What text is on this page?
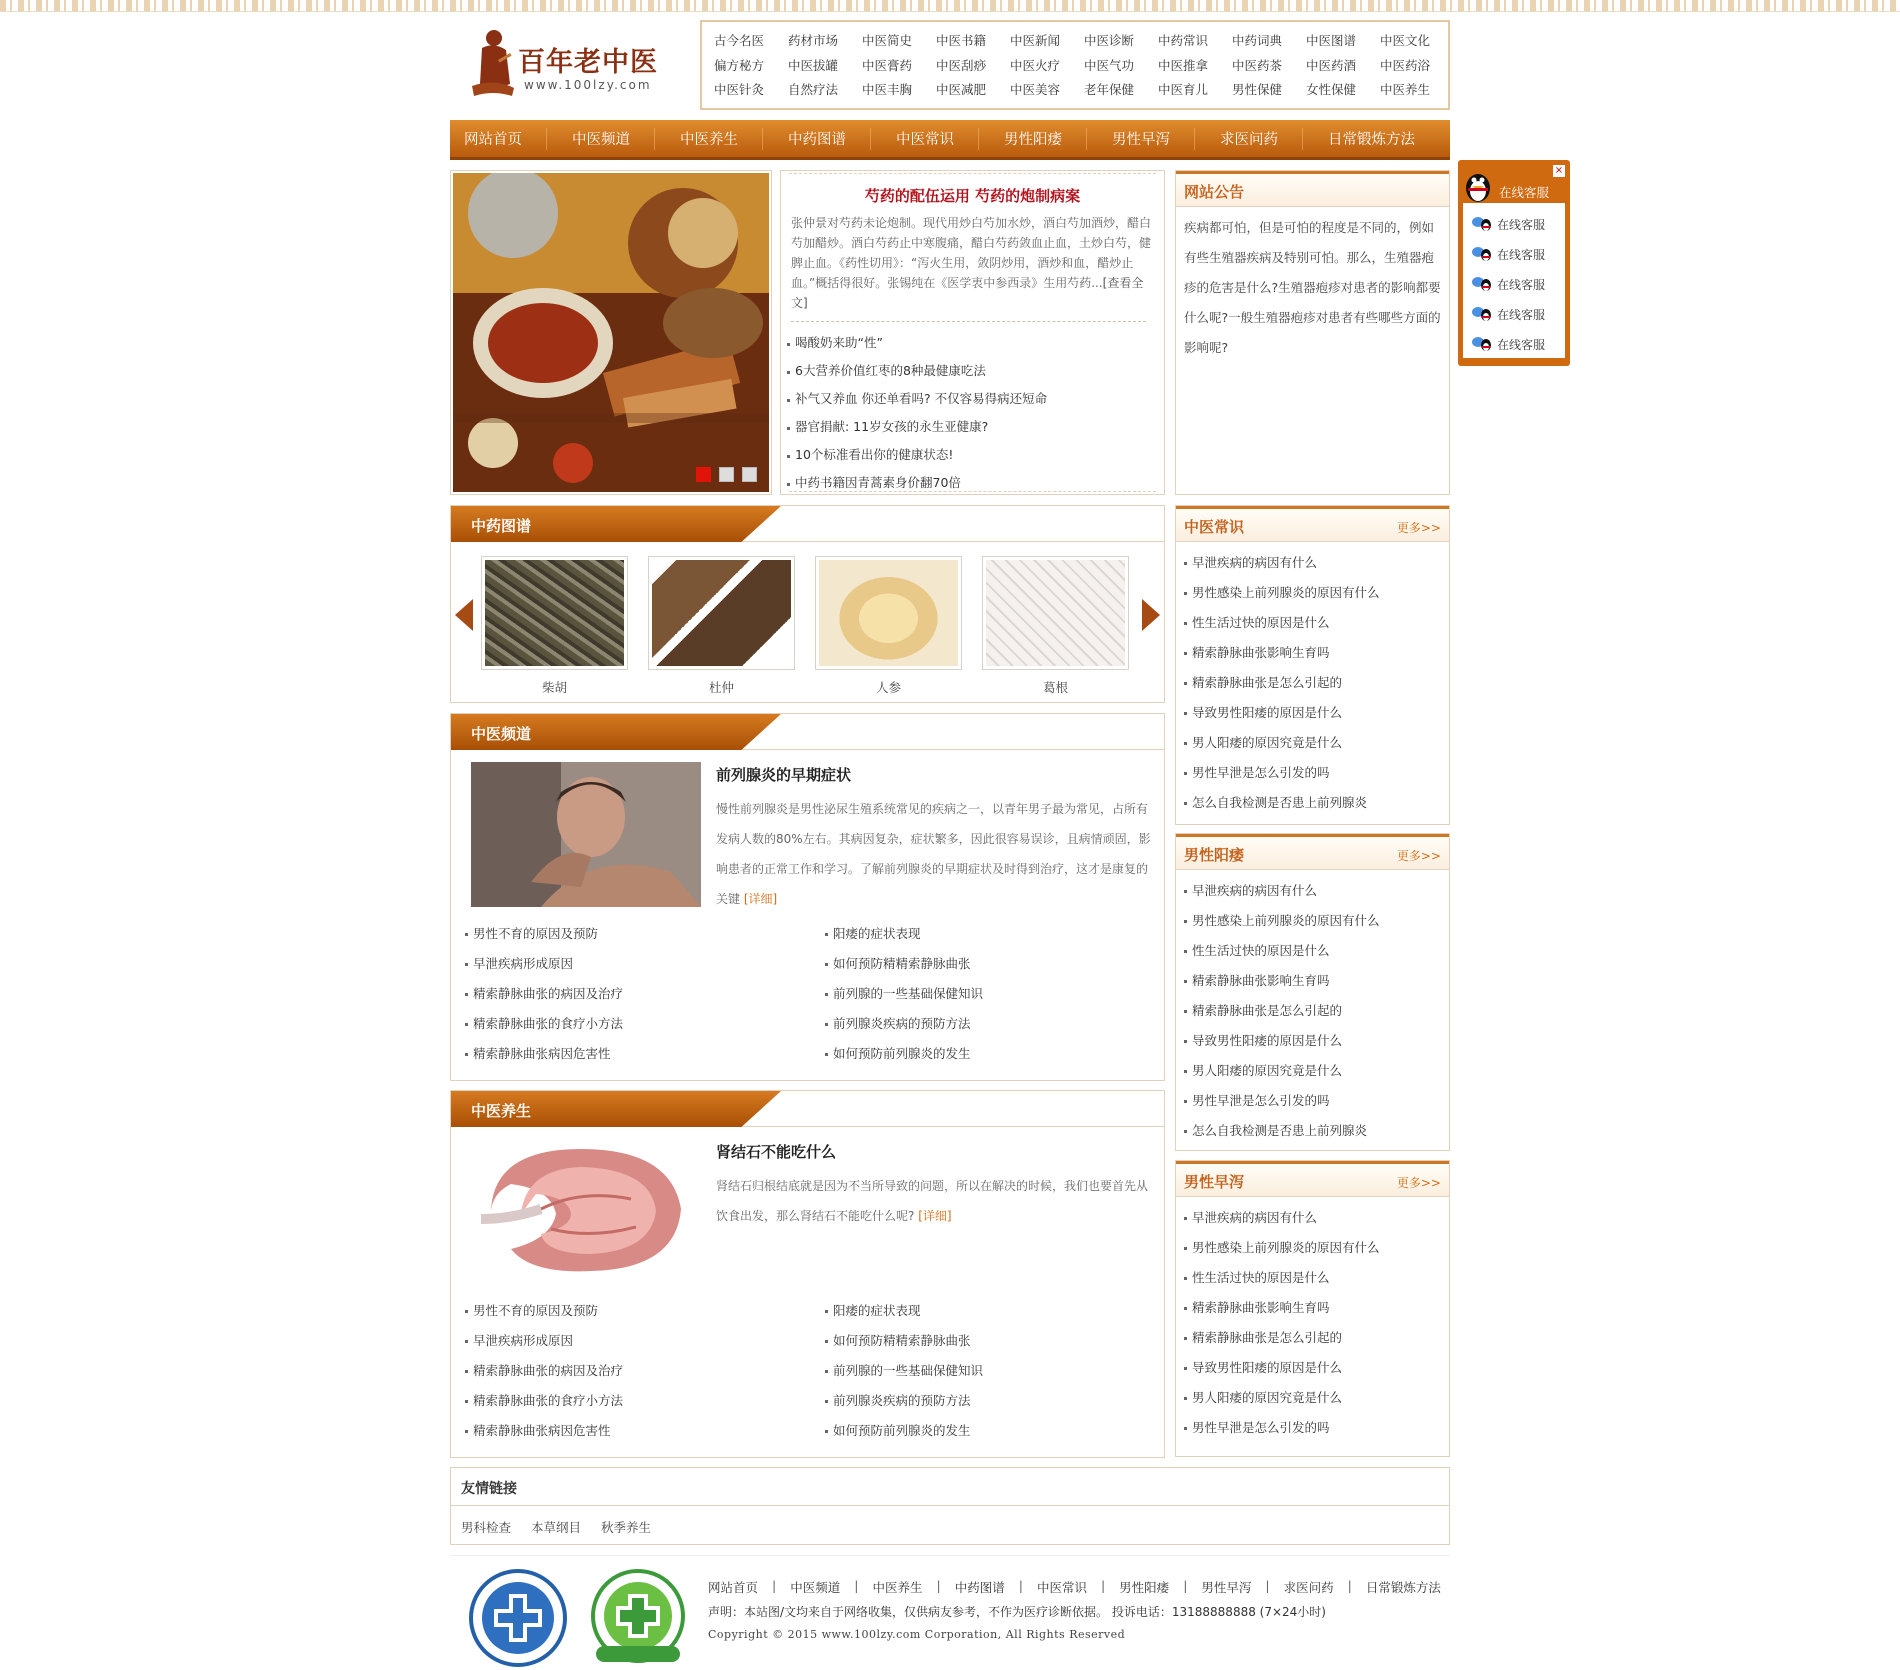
百年老中医
www.100lzy.com
古今名医	药材市场	中医简史	中医书籍	中医新闻	中医诊断	中药常识	中药词典	中医图谱	中医文化
偏方秘方	中医拔罐	中医膏药	中医刮痧	中医火疗	中医气功	中医推拿	中医药茶	中医药酒	中医药浴
中医针灸	自然疗法	中医丰胸	中医减肥	中医美容	老年保健	中医育儿	男性保健	女性保健	中医养生
网站首页	中医频道	中医养生	中药图谱	中医常识	男性阳痿	男性早泻	求医问药	日常锻炼方法
芍药的配伍运用 芍药的炮制病案

张仲景对芍药未论炮制。现代用炒白芍加水炒，酒白芍加酒炒，醋白芍加醋炒。酒白芍药止中寒腹痛，醋白芍药敛血止血，土炒白芍，健脾止血。《药性切用》：“泻火生用，敛阴炒用，酒炒和血，醋炒止血。”概括得很好。张锡纯在《医学衷中参西录》生用芍药...[查看全文]

喝酸奶来助“性”
6大营养价值红枣的8种最健康吃法
补气又养血 你还单看吗? 不仅容易得病还短命
器官捐献: 11岁女孩的永生亚健康?
10个标准看出你的健康状态!
中药书籍因青蒿素身价翻70倍
网站公告

疾病都可怕，但是可怕的程度是不同的，例如有些生殖器疾病及特别可怕。那么，生殖器疱疹的危害是什么?生殖器疱疹对患者的影响都要什么呢?一般生殖器疱疹对患者有些哪些方面的影响呢?

中药图谱
柴胡	杜仲	人参	葛根
中医频道
前列腺炎的早期症状

慢性前列腺炎是男性泌尿生殖系统常见的疾病之一，以青年男子最为常见，占所有发病人数的80%左右。其病因复杂，症状繁多，因此很容易误诊，且病情顽固，影响患者的正常工作和学习。了解前列腺炎的早期症状及时得到治疗，这才是康复的关键 [详细]

男性不育的原因及预防	阳痿的症状表现
早泄疾病形成原因	如何预防精精索静脉曲张
精索静脉曲张的病因及治疗	前列腺的一些基础保健知识
精索静脉曲张的食疗小方法	前列腺炎疾病的预防方法
精索静脉曲张病因危害性	如何预防前列腺炎的发生
中医养生
肾结石不能吃什么

肾结石归根结底就是因为不当所导致的问题，所以在解决的时候，我们也要首先从饮食出发，那么肾结石不能吃什么呢? [详细]

男性不育的原因及预防	阳痿的症状表现
早泄疾病形成原因	如何预防精精索静脉曲张
精索静脉曲张的病因及治疗	前列腺的一些基础保健知识
精索静脉曲张的食疗小方法	前列腺炎疾病的预防方法
精索静脉曲张病因危害性	如何预防前列腺炎的发生
中医常识	更多>>
早泄疾病的病因有什么
男性感染上前列腺炎的原因有什么
性生活过快的原因是什么
精索静脉曲张影响生育吗
精索静脉曲张是怎么引起的
导致男性阳痿的原因是什么
男人阳痿的原因究竟是什么
男性早泄是怎么引发的吗
怎么自我检测是否患上前列腺炎
男性阳痿	更多>>
早泄疾病的病因有什么
男性感染上前列腺炎的原因有什么
性生活过快的原因是什么
精索静脉曲张影响生育吗
精索静脉曲张是怎么引起的
导致男性阳痿的原因是什么
男人阳痿的原因究竟是什么
男性早泄是怎么引发的吗
怎么自我检测是否患上前列腺炎
男性早泻	更多>>
早泄疾病的病因有什么
男性感染上前列腺炎的原因有什么
性生活过快的原因是什么
精索静脉曲张影响生育吗
精索静脉曲张是怎么引起的
导致男性阳痿的原因是什么
男人阳痿的原因究竟是什么
男性早泄是怎么引发的吗
友情链接
男科检查 本草纲目 秋季养生
网站首页 | 中医频道 | 中医养生 | 中药图谱 | 中医常识 | 男性阳痿 | 男性早泻 | 求医问药 | 日常锻炼方法
声明：本站图/文均来自于网络收集，仅供病友参考，不作为医疗诊断依据。 投诉电话：13188888888 (7×24小时)
Copyright © 2015 www.100lzy.com Corporation, All Rights Reserved
在线客服
×
在线客服
在线客服
在线客服
在线客服
在线客服
